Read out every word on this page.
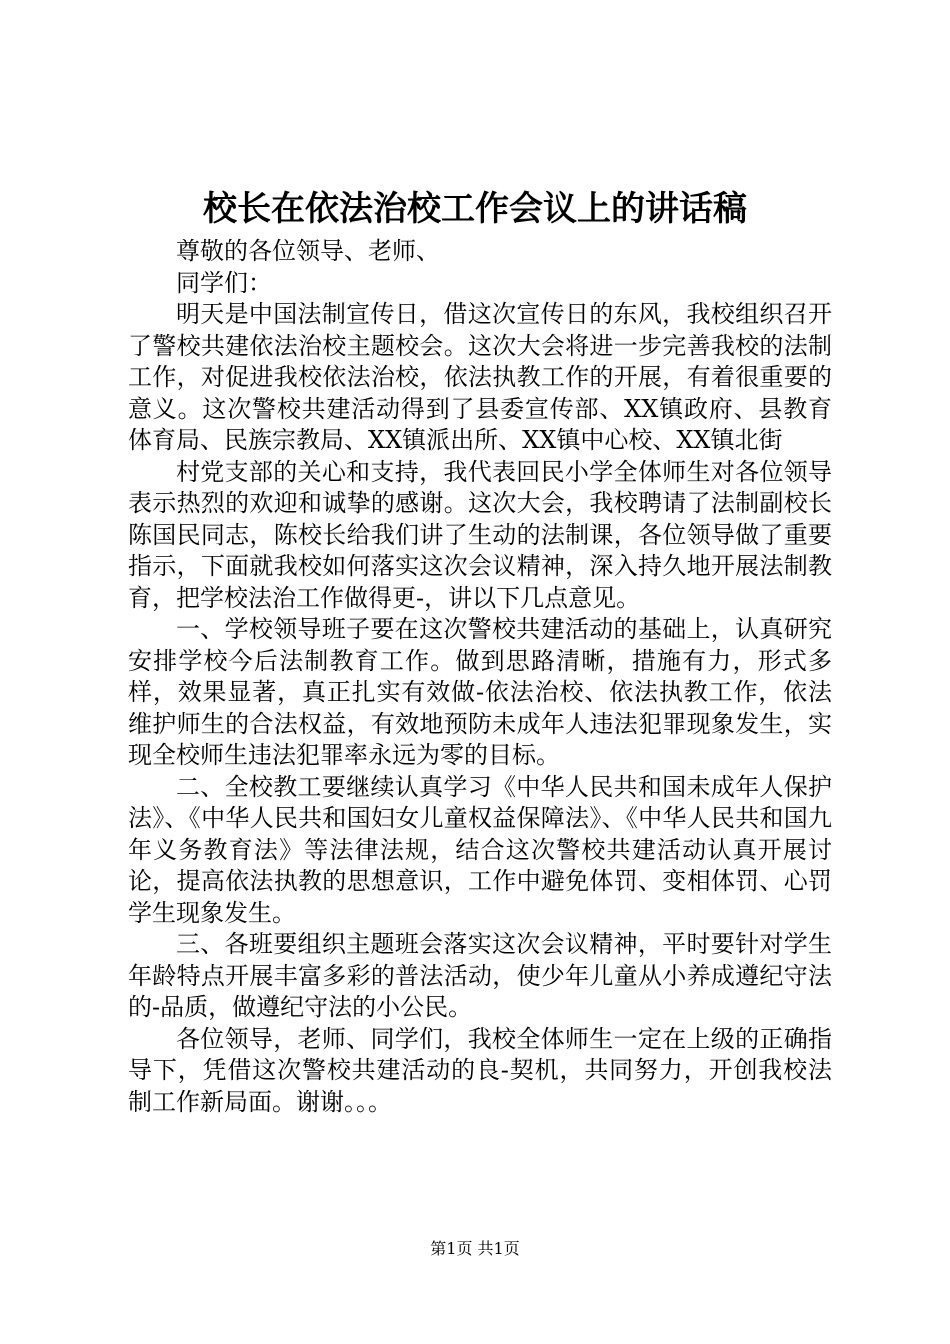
校长在依法治校工作会议上的讲话稿

尊敬的各位领导、老师、

同学们：

明天是中国法制宣传日，借这次宣传日的东风，我校组织召开了警校共建依法治校主题校会。这次大会将进一步完善我校的法制工作，对促进我校依法治校，依法执教工作的开展，有着很重要的意义。这次警校共建活动得到了县委宣传部、XX镇政府、县教育体育局、民族宗教局、XX镇派出所、XX镇中心校、XX镇北街

村党支部的关心和支持，我代表回民小学全体师生对各位领导表示热烈的欢迎和诚挚的感谢。这次大会，我校聘请了法制副校长陈国民同志，陈校长给我们讲了生动的法制课，各位领导做了重要指示，下面就我校如何落实这次会议精神，深入持久地开展法制教育，把学校法治工作做得更-，讲以下几点意见。

一、学校领导班子要在这次警校共建活动的基础上，认真研究安排学校今后法制教育工作。做到思路清晰，措施有力，形式多样，效果显著，真正扎实有效做-依法治校、依法执教工作，依法维护师生的合法权益，有效地预防未成年人违法犯罪现象发生，实现全校师生违法犯罪率永远为零的目标。

二、全校教工要继续认真学习《中华人民共和国未成年人保护法》、《中华人民共和国妇女儿童权益保障法》、《中华人民共和国九年义务教育法》等法律法规，结合这次警校共建活动认真开展讨论，提高依法执教的思想意识，工作中避免体罚、变相体罚、心罚学生现象发生。

三、各班要组织主题班会落实这次会议精神，平时要针对学生年龄特点开展丰富多彩的普法活动，使少年儿童从小养成遵纪守法的-品质，做遵纪守法的小公民。

各位领导，老师、同学们，我校全体师生一定在上级的正确指导下，凭借这次警校共建活动的良-契机，共同努力，开创我校法制工作新局面。谢谢。。。

第1页 共1页
